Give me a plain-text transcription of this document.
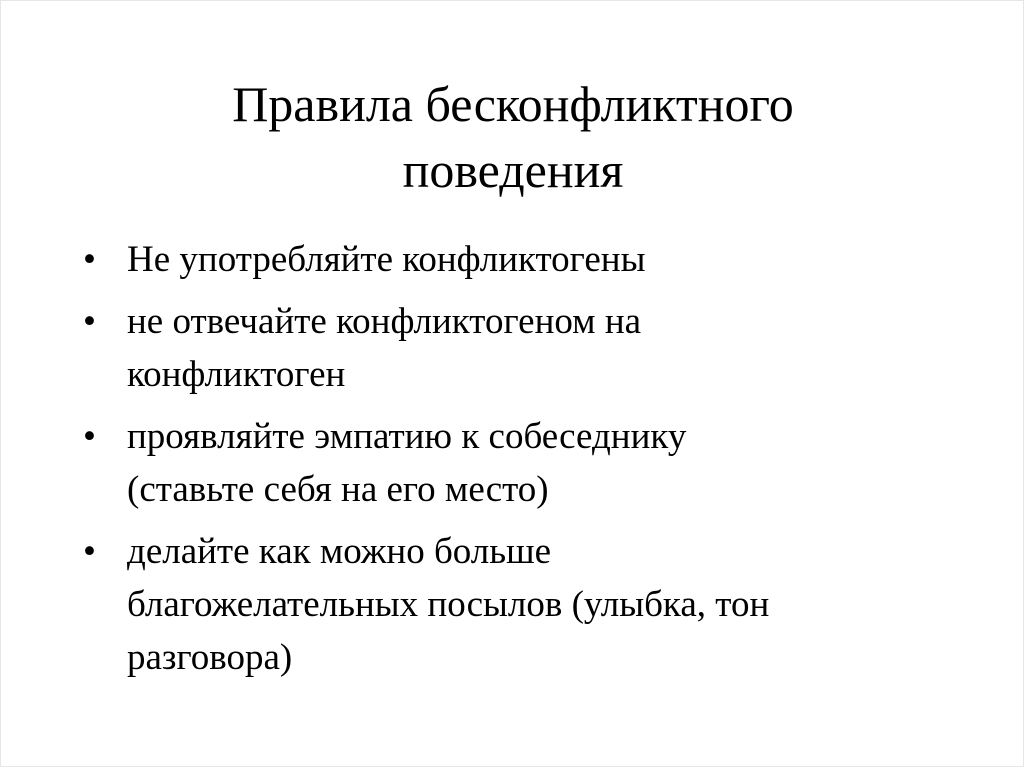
Правила бесконфликтного
поведения
• Не употребляйте конфликтогены
• не отвечайте конфликтогеном на
конфликтоген
• проявляйте эмпатию к собеседнику
(ставьте себя на его место)
• делайте как можно больше
благожелательных посылов (улыбка, тон
разговора)
